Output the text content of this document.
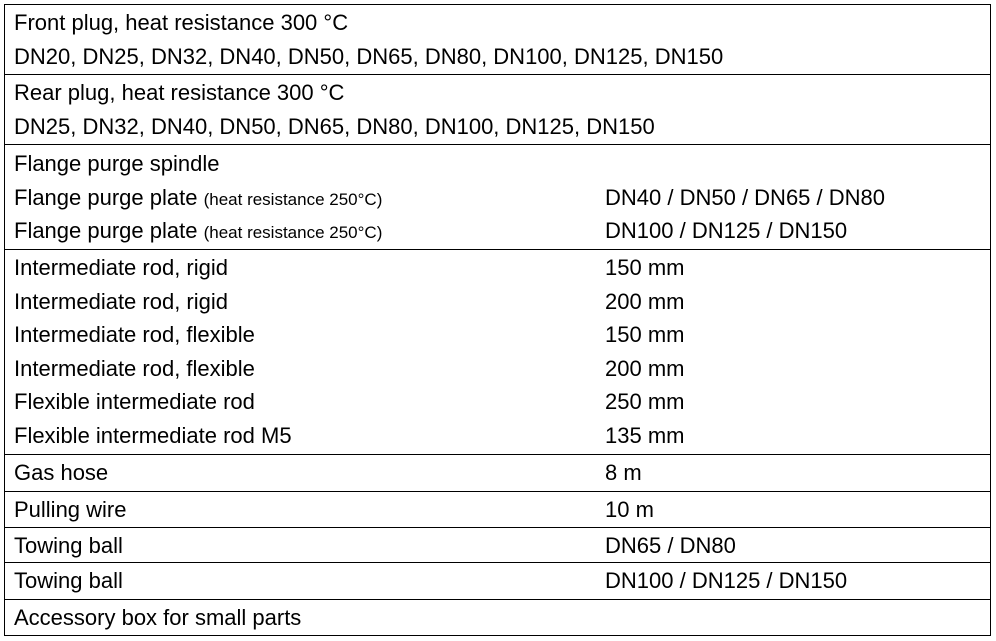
Front plug, heat resistance 300 °C
DN20, DN25, DN32, DN40, DN50, DN65, DN80, DN100, DN125, DN150
Rear plug, heat resistance 300 °C
DN25, DN32, DN40, DN50, DN65, DN80, DN100, DN125, DN150
Flange purge spindle
Flange purge plate (heat resistance 250°C)	DN40 / DN50 / DN65 / DN80
Flange purge plate (heat resistance 250°C)	DN100 / DN125 / DN150
Intermediate rod, rigid	150 mm
Intermediate rod, rigid	200 mm
Intermediate rod, flexible	150 mm
Intermediate rod, flexible	200 mm
Flexible intermediate rod	250 mm
Flexible intermediate rod M5	135 mm
Gas hose	8 m
Pulling wire	10 m
Towing ball	DN65 / DN80
Towing ball	DN100 / DN125 / DN150
Accessory box for small parts
